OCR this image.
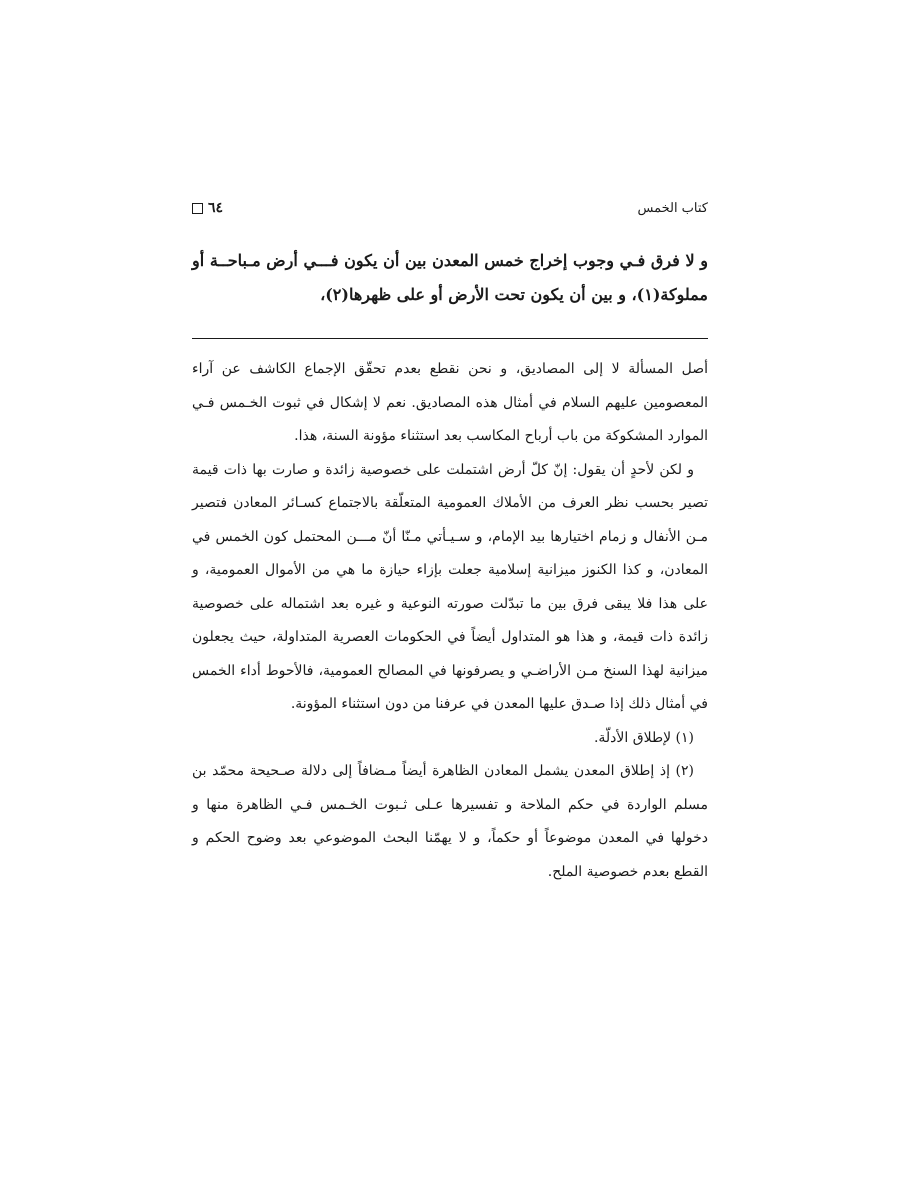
كتاب الخمس
٦٤
و لا فرق فـي وجوب إخراج خمس المعدن بين أن يكون فـــي أرض مـباحــة أو مملوكة(١)، و بين أن يكون تحت الأرض أو على ظهرها(٢)،

أصل المسألة لا إلى المصاديق، و نحن نقطع بعدم تحقّق الإجماع الكاشف عن آراء المعصومين عليهم السلام في أمثال هذه المصاديق. نعم لا إشكال في ثبوت الخـمس فـي الموارد المشكوكة من باب أرباح المكاسب بعد استثناء مؤونة السنة، هذا.

و لكن لأحدٍ أن يقول: إنّ كلّ أرض اشتملت على خصوصية زائدة و صارت بها ذات قيمة تصير بحسب نظر العرف من الأملاك العمومية المتعلّقة بالاجتماع كسـائر المعادن فتصير مـن الأنفال و زمام اختيارها بيد الإمام، و سـيـأتي مـنّا أنّ مـــن المحتمل كون الخمس في المعادن، و كذا الكنوز ميزانية إسلامية جعلت بإزاء حيازة ما هي من الأموال العمومية، و على هذا فلا يبقى فرق بين ما تبدّلت صورته النوعية و غيره بعد اشتماله على خصوصية زائدة ذات قيمة، و هذا هو المتداول أيضاً في الحكومات العصرية المتداولة، حيث يجعلون ميزانية لهذا السنخ مـن الأراضـي و يصرفونها في المصالح العمومية، فالأحوط أداء الخمس في أمثال ذلك إذا صـدق عليها المعدن في عرفنا من دون استثناء المؤونة.

(١) لإطلاق الأدلّة.

(٢) إذ إطلاق المعدن يشمل المعادن الظاهرة أيضاً مـضافاً إلى دلالة صـحيحة محمّد بن مسلم الواردة في حكم الملاحة و تفسيرها عـلى ثـبوت الخـمس فـي الظاهرة منها و دخولها في المعدن موضوعاً أو حكماً، و لا يهمّنا البحث الموضوعي بعد وضوح الحكم و القطع بعدم خصوصية الملح.
